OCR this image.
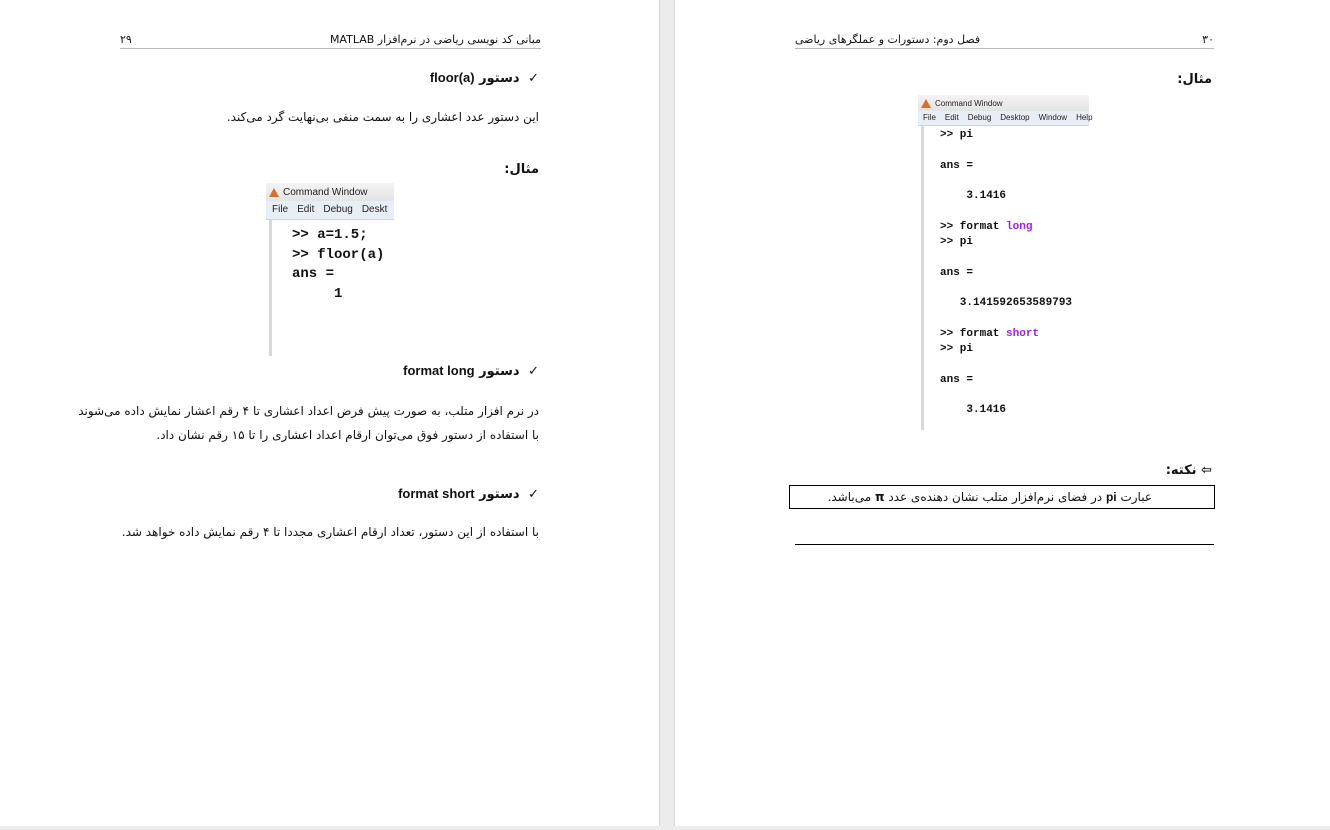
مبانی کد نویسی ریاضی در نرم‌افزار MATLAB
۲۹
✓ دستور floor(a)
این دستور عدد اعشاری را به سمت منفی بی‌نهایت گرد می‌کند.
مثال:
Command Window
File Edit Debug Deskt
>> a=1.5;
>> floor(a)
ans =
1
✓ دستور format long
در نرم افزار متلب، به صورت پیش فرض اعداد اعشاری تا ۴ رقم اعشار نمایش داده می‌شوند
با استفاده از دستور فوق می‌توان ارقام اعداد اعشاری را تا ۱۵ رقم نشان داد.
✓ دستور format short
با استفاده از این دستور، تعداد ارقام اعشاری مجددا تا ۴ رقم نمایش داده خواهد شد.
۳۰
فصل دوم: دستورات و عملگرهای ریاضی
مثال:
Command Window
File Edit Debug Desktop Window Help
>> pi
ans =
3.1416
>> format long
>> pi
ans =
3.141592653589793
>> format short
>> pi
ans =
3.1416
⇦ نکته:
عبارت pi در فضای نرم‌افزار متلب نشان دهنده‌ی عدد π می‌باشد.
